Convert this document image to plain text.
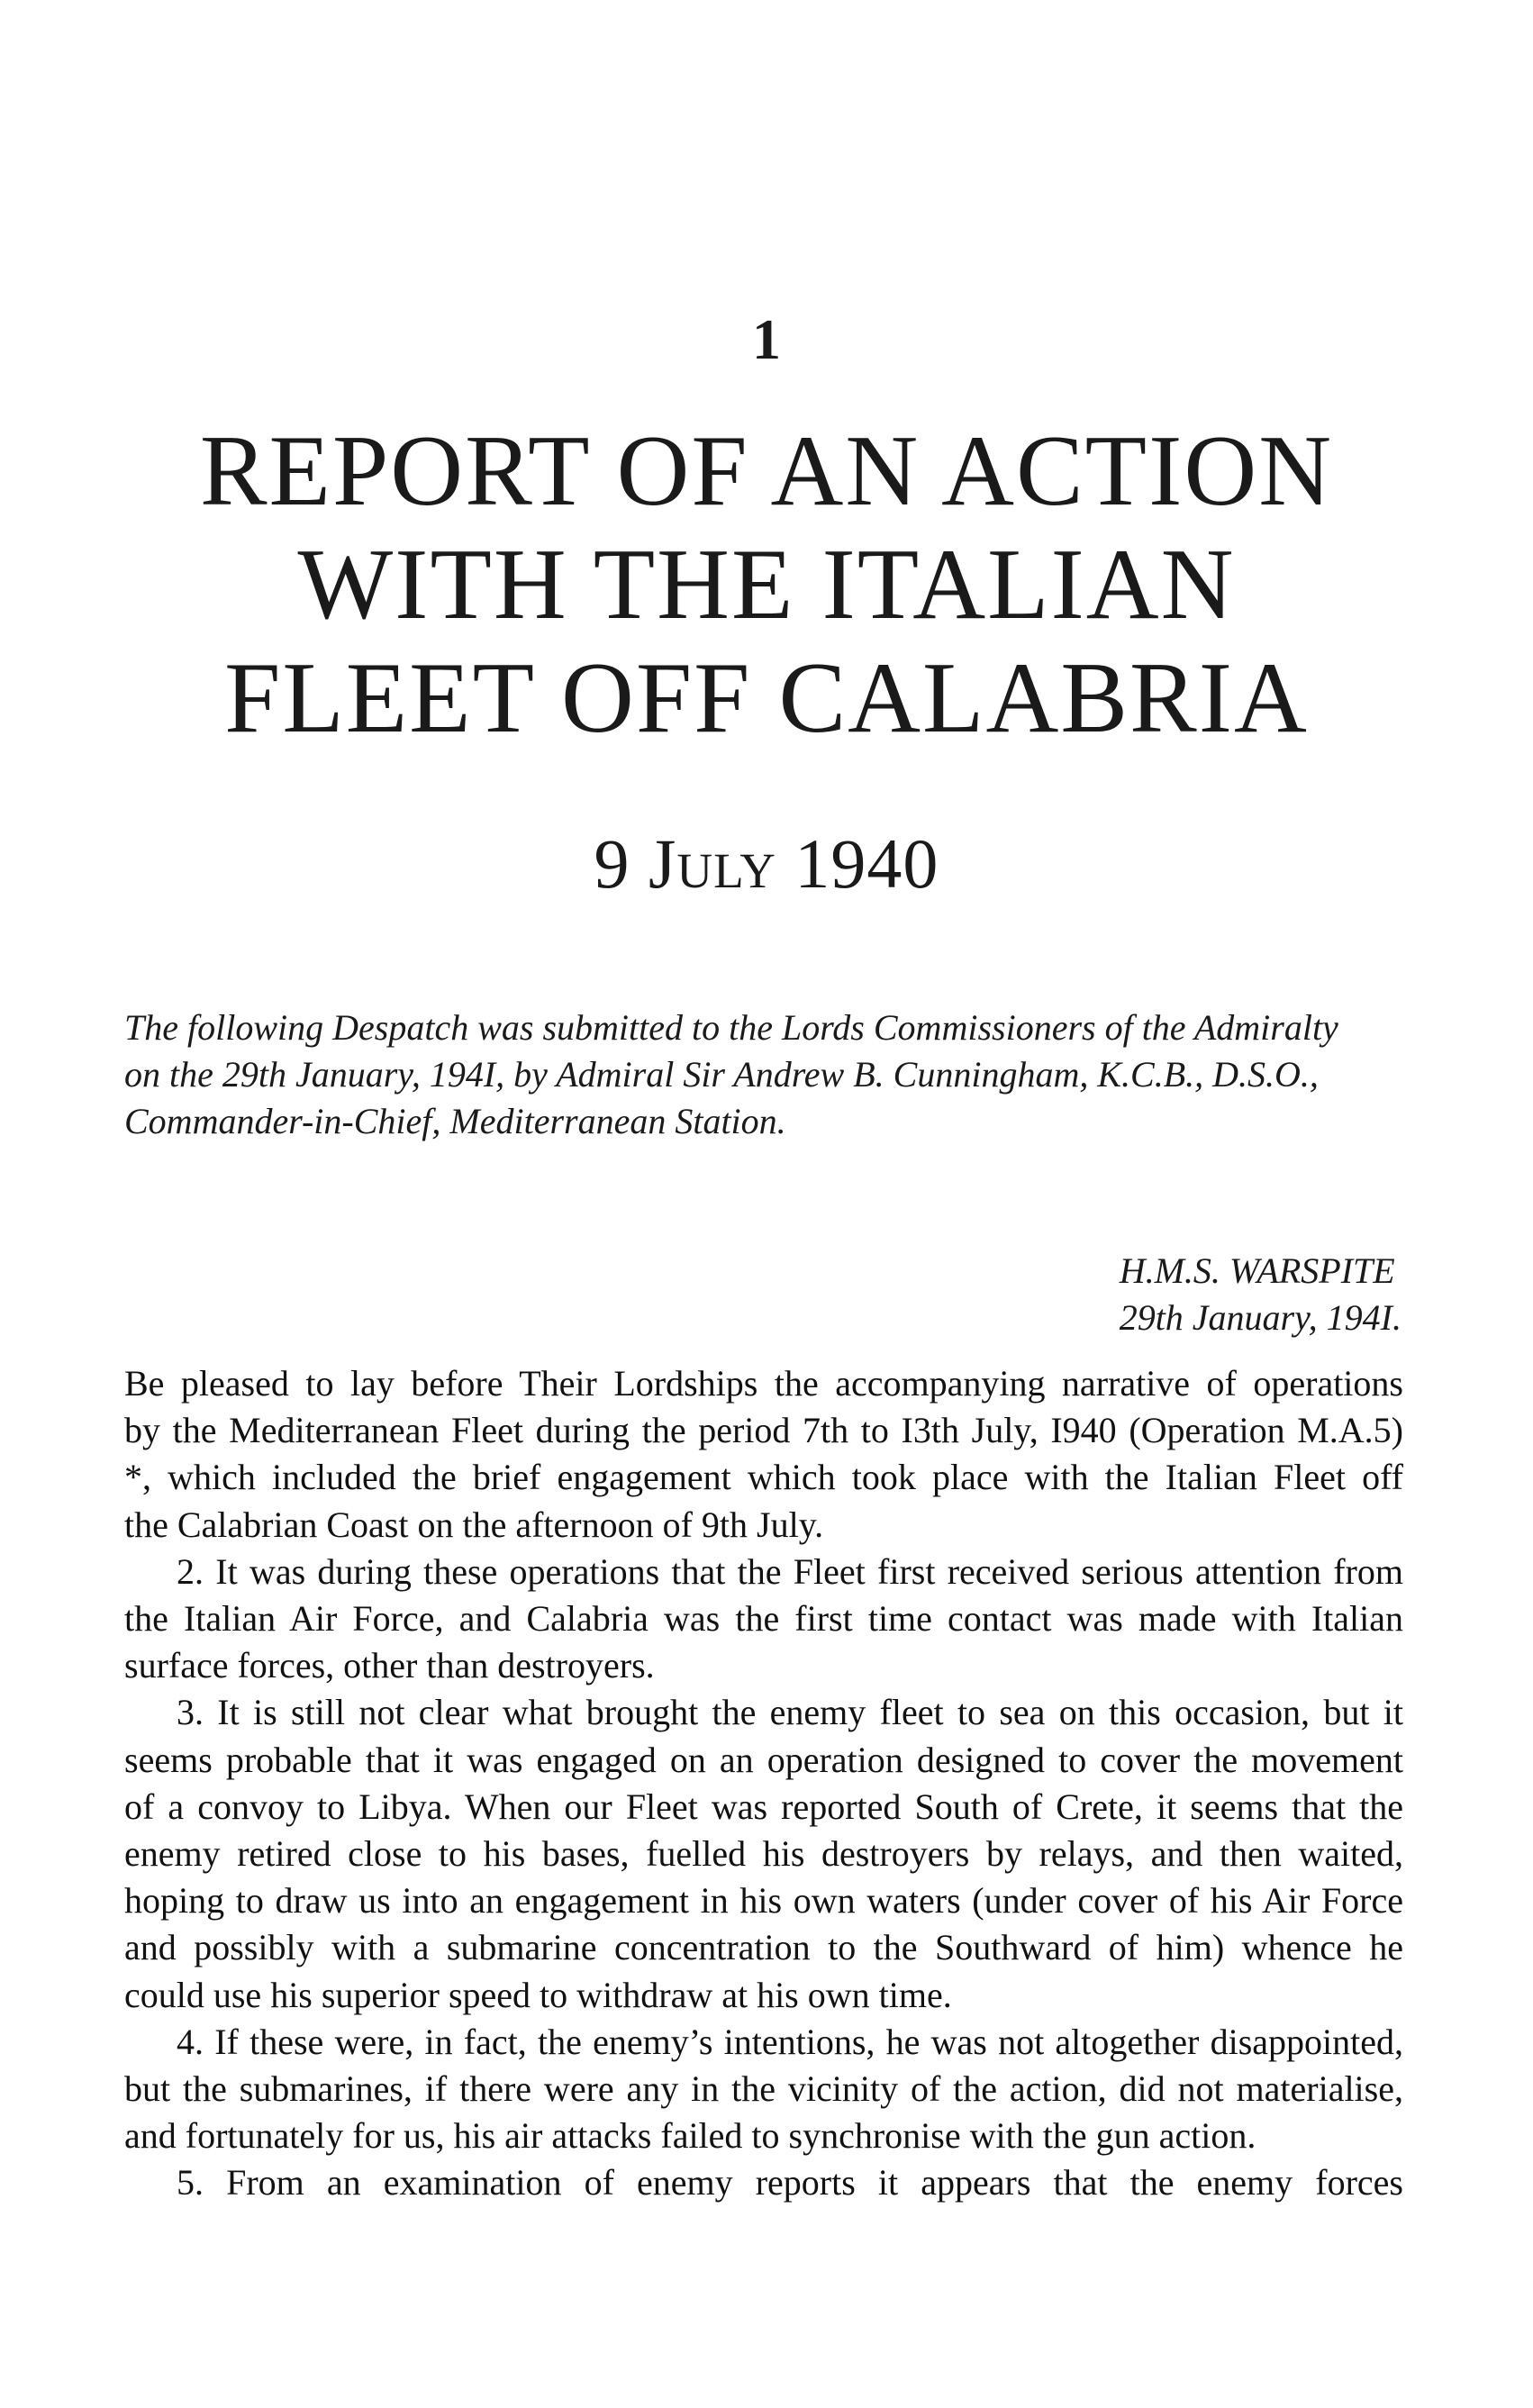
1
REPORT OF AN ACTION
WITH THE ITALIAN
FLEET OFF CALABRIA
9 July 1940
The following Despatch was submitted to the Lords Commissioners of the Admiralty
on the 29th January, 194I, by Admiral Sir Andrew B. Cunningham, K.C.B., D.S.O.,
Commander-in-Chief, Mediterranean Station.
H.M.S. WARSPITE
29th January, 194I.
Be pleased to lay before Their Lordships the accompanying narrative of operations
by the Mediterranean Fleet during the period 7th to I3th July, I940 (Operation M.A.5)
*, which included the brief engagement which took place with the Italian Fleet off
the Calabrian Coast on the afternoon of 9th July.
2. It was during these operations that the Fleet first received serious attention from
the Italian Air Force, and Calabria was the first time contact was made with Italian
surface forces, other than destroyers.
3. It is still not clear what brought the enemy fleet to sea on this occasion, but it
seems probable that it was engaged on an operation designed to cover the movement
of a convoy to Libya. When our Fleet was reported South of Crete, it seems that the
enemy retired close to his bases, fuelled his destroyers by relays, and then waited,
hoping to draw us into an engagement in his own waters (under cover of his Air Force
and possibly with a submarine concentration to the Southward of him) whence he
could use his superior speed to withdraw at his own time.
4. If these were, in fact, the enemy’s intentions, he was not altogether disappointed,
but the submarines, if there were any in the vicinity of the action, did not materialise,
and fortunately for us, his air attacks failed to synchronise with the gun action.
5. From an examination of enemy reports it appears that the enemy forces
